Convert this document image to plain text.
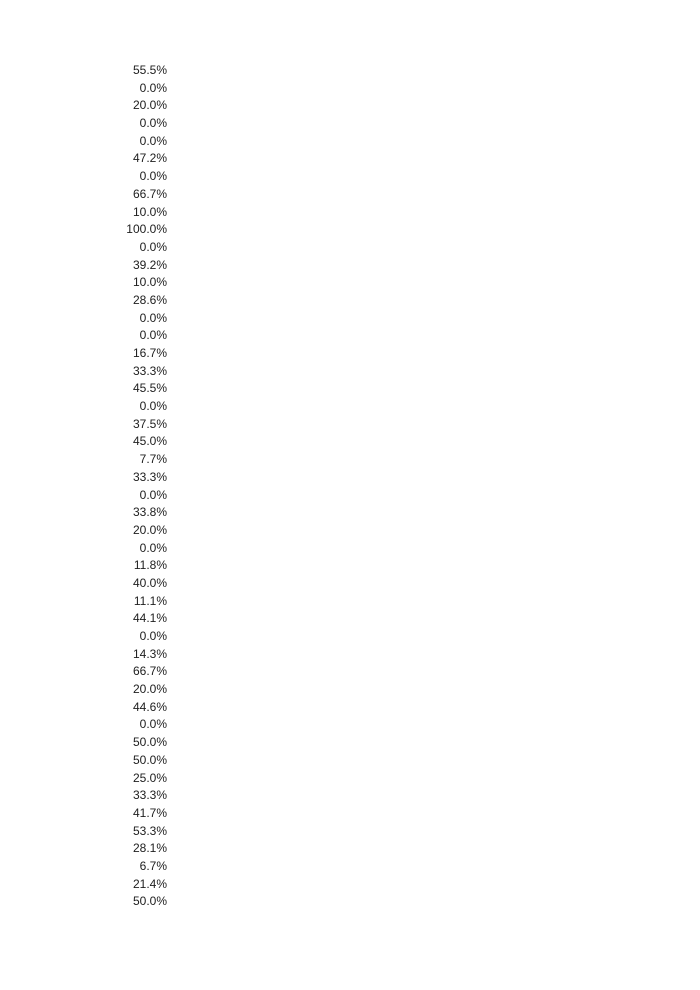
55.5%
0.0%
20.0%
0.0%
0.0%
47.2%
0.0%
66.7%
10.0%
100.0%
0.0%
39.2%
10.0%
28.6%
0.0%
0.0%
16.7%
33.3%
45.5%
0.0%
37.5%
45.0%
7.7%
33.3%
0.0%
33.8%
20.0%
0.0%
11.8%
40.0%
11.1%
44.1%
0.0%
14.3%
66.7%
20.0%
44.6%
0.0%
50.0%
50.0%
25.0%
33.3%
41.7%
53.3%
28.1%
6.7%
21.4%
50.0%
